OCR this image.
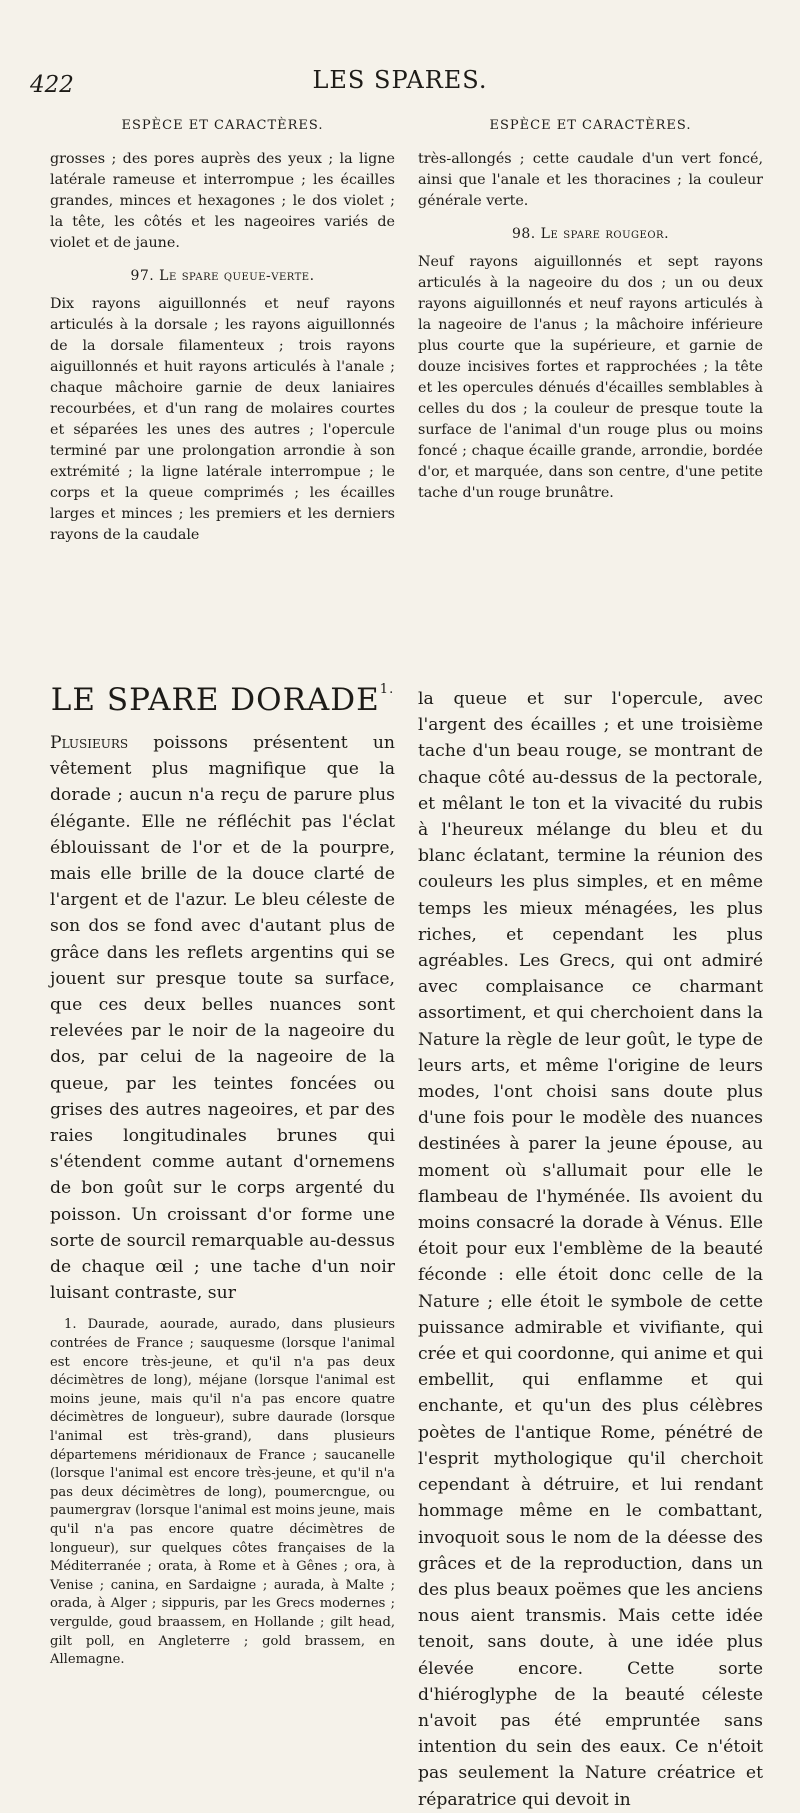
422	LES SPARES.
ESPÈCE ET CARACTÈRES.

grosses ; des pores auprès des yeux ; la ligne latérale rameuse et interrompue ; les écailles grandes, minces et hexagones ; le dos violet ; la tête, les côtés et les nageoires variés de violet et de jaune.

97. Le spare queue-verte.

Dix rayons aiguillonnés et neuf rayons articulés à la dorsale ; les rayons aiguillonnés de la dorsale filamenteux ; trois rayons aiguillonnés et huit rayons articulés à l'anale ; chaque mâchoire garnie de deux laniaires recourbées, et d'un rang de molaires courtes et séparées les unes des autres ; l'opercule terminé par une prolongation arrondie à son extrémité ; la ligne latérale interrompue ; le corps et la queue comprimés ; les écailles larges et minces ; les premiers et les derniers rayons de la caudale

ESPÈCE ET CARACTÈRES.

très-allongés ; cette caudale d'un vert foncé, ainsi que l'anale et les thoracines ; la couleur générale verte.

98. Le spare rougeor.

Neuf rayons aiguillonnés et sept rayons articulés à la nageoire du dos ; un ou deux rayons aiguillonnés et neuf rayons articulés à la nageoire de l'anus ; la mâchoire inférieure plus courte que la supérieure, et garnie de douze incisives fortes et rapprochées ; la tête et les opercules dénués d'écailles semblables à celles du dos ; la couleur de presque toute la surface de l'animal d'un rouge plus ou moins foncé ; chaque écaille grande, arrondie, bordée d'or, et marquée, dans son centre, d'une petite tache d'un rouge brunâtre.

LE SPARE $DORADE^{1.}$

Plusieurs poissons présentent un vêtement plus magnifique que la dorade ; aucun n'a reçu de parure plus élégante. Elle ne réfléchit pas l'éclat éblouissant de l'or et de la pourpre, mais elle brille de la douce clarté de l'argent et de l'azur. Le bleu céleste de son dos se fond avec d'autant plus de grâce dans les reflets argentins qui se jouent sur presque toute sa surface, que ces deux belles nuances sont relevées par le noir de la nageoire du dos, par celui de la nageoire de la queue, par les teintes foncées ou grises des autres nageoires, et par des raies longitudinales brunes qui s'étendent comme autant d'ornemens de bon goût sur le corps argenté du poisson. Un croissant d'or forme une sorte de sourcil remarquable au-dessus de chaque œil ; une tache d'un noir luisant contraste, sur

1. Daurade, aourade, aurado, dans plusieurs contrées de France ; sauquesme (lorsque l'animal est encore très-jeune, et qu'il n'a pas deux décimètres de long), méjane (lorsque l'animal est moins jeune, mais qu'il n'a pas encore quatre décimètres de longueur), subre daurade (lorsque l'animal est très-grand), dans plusieurs départemens méridionaux de France ; saucanelle (lorsque l'animal est encore très-jeune, et qu'il n'a pas deux décimètres de long), poumercngue, ou paumergrav (lorsque l'animal est moins jeune, mais qu'il n'a pas encore quatre décimètres de longueur), sur quelques côtes françaises de la Méditerranée ; orata, à Rome et à Gênes ; ora, à Venise ; canina, en Sardaigne ; aurada, à Malte ; orada, à Alger ; sippuris, par les Grecs modernes ; vergulde, goud braassem, en Hollande ; gilt head, gilt poll, en Angleterre ; gold brassem, en Allemagne.

la queue et sur l'opercule, avec l'argent des écailles ; et une troisième tache d'un beau rouge, se montrant de chaque côté au-dessus de la pectorale, et mêlant le ton et la vivacité du rubis à l'heureux mélange du bleu et du blanc éclatant, termine la réunion des couleurs les plus simples, et en même temps les mieux ménagées, les plus riches, et cependant les plus agréables. Les Grecs, qui ont admiré avec complaisance ce charmant assortiment, et qui cherchoient dans la Nature la règle de leur goût, le type de leurs arts, et même l'origine de leurs modes, l'ont choisi sans doute plus d'une fois pour le modèle des nuances destinées à parer la jeune épouse, au moment où s'allumait pour elle le flambeau de l'hyménée. Ils avoient du moins consacré la dorade à Vénus. Elle étoit pour eux l'emblème de la beauté féconde : elle étoit donc celle de la Nature ; elle étoit le symbole de cette puissance admirable et vivifiante, qui crée et qui coordonne, qui anime et qui embellit, qui enflamme et qui enchante, et qu'un des plus célèbres poètes de l'antique Rome, pénétré de l'esprit mythologique qu'il cherchoit cependant à détruire, et lui rendant hommage même en le combattant, invoquoit sous le nom de la déesse des grâces et de la reproduction, dans un des plus beaux poëmes que les anciens nous aient transmis. Mais cette idée tenoit, sans doute, à une idée plus élevée encore. Cette sorte d'hiéroglyphe de la beauté céleste n'avoit pas été empruntée sans intention du sein des eaux. Ce n'étoit pas seulement la Nature créatrice et réparatrice qui devoit in
